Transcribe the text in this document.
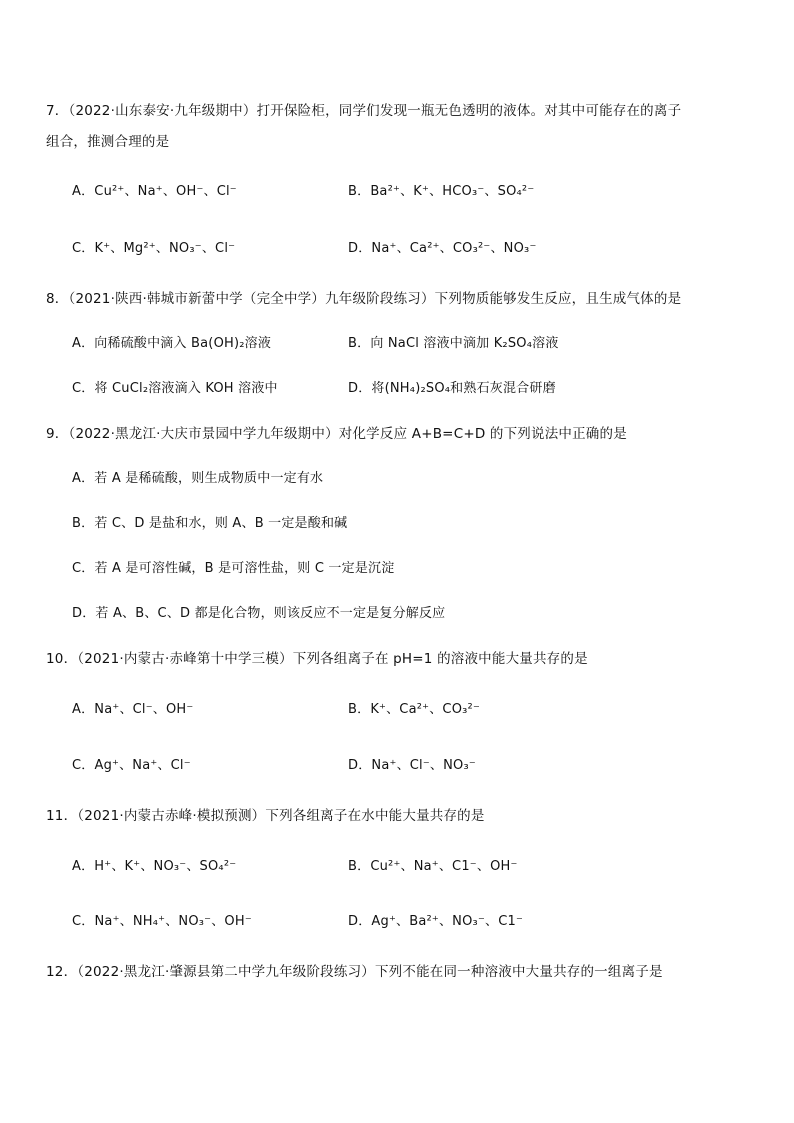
7．（2022·山东泰安·九年级期中）打开保险柜，同学们发现一瓶无色透明的液体。对其中可能存在的离子
组合，推测合理的是
A．Cu²⁺、Na⁺、OH⁻、Cl⁻	B．Ba²⁺、K⁺、HCO₃⁻、SO₄²⁻
C．K⁺、Mg²⁺、NO₃⁻、Cl⁻	D．Na⁺、Ca²⁺、CO₃²⁻、NO₃⁻
8．（2021·陕西·韩城市新蕾中学（完全中学）九年级阶段练习）下列物质能够发生反应，且生成气体的是
A．向稀硫酸中滴入 Ba(OH)₂溶液	B．向 NaCl 溶液中滴加 K₂SO₄溶液
C．将 CuCl₂溶液滴入 KOH 溶液中	D．将(NH₄)₂SO₄和熟石灰混合研磨
9．（2022·黑龙江·大庆市景园中学九年级期中）对化学反应 A+B=C+D 的下列说法中正确的是
A．若 A 是稀硫酸，则生成物质中一定有水
B．若 C、D 是盐和水，则 A、B 一定是酸和碱
C．若 A 是可溶性碱，B 是可溶性盐，则 C 一定是沉淀
D．若 A、B、C、D 都是化合物，则该反应不一定是复分解反应
10．（2021·内蒙古·赤峰第十中学三模）下列各组离子在 pH=1 的溶液中能大量共存的是
A．Na⁺、Cl⁻、OH⁻	B．K⁺、Ca²⁺、CO₃²⁻
C．Ag⁺、Na⁺、Cl⁻	D．Na⁺、Cl⁻、NO₃⁻
11．（2021·内蒙古赤峰·模拟预测）下列各组离子在水中能大量共存的是
A．H⁺、K⁺、NO₃⁻、SO₄²⁻	B．Cu²⁺、Na⁺、C1⁻、OH⁻
C．Na⁺、NH₄⁺、NO₃⁻、OH⁻	D．Ag⁺、Ba²⁺、NO₃⁻、C1⁻
12．（2022·黑龙江·肇源县第二中学九年级阶段练习）下列不能在同一种溶液中大量共存的一组离子是
